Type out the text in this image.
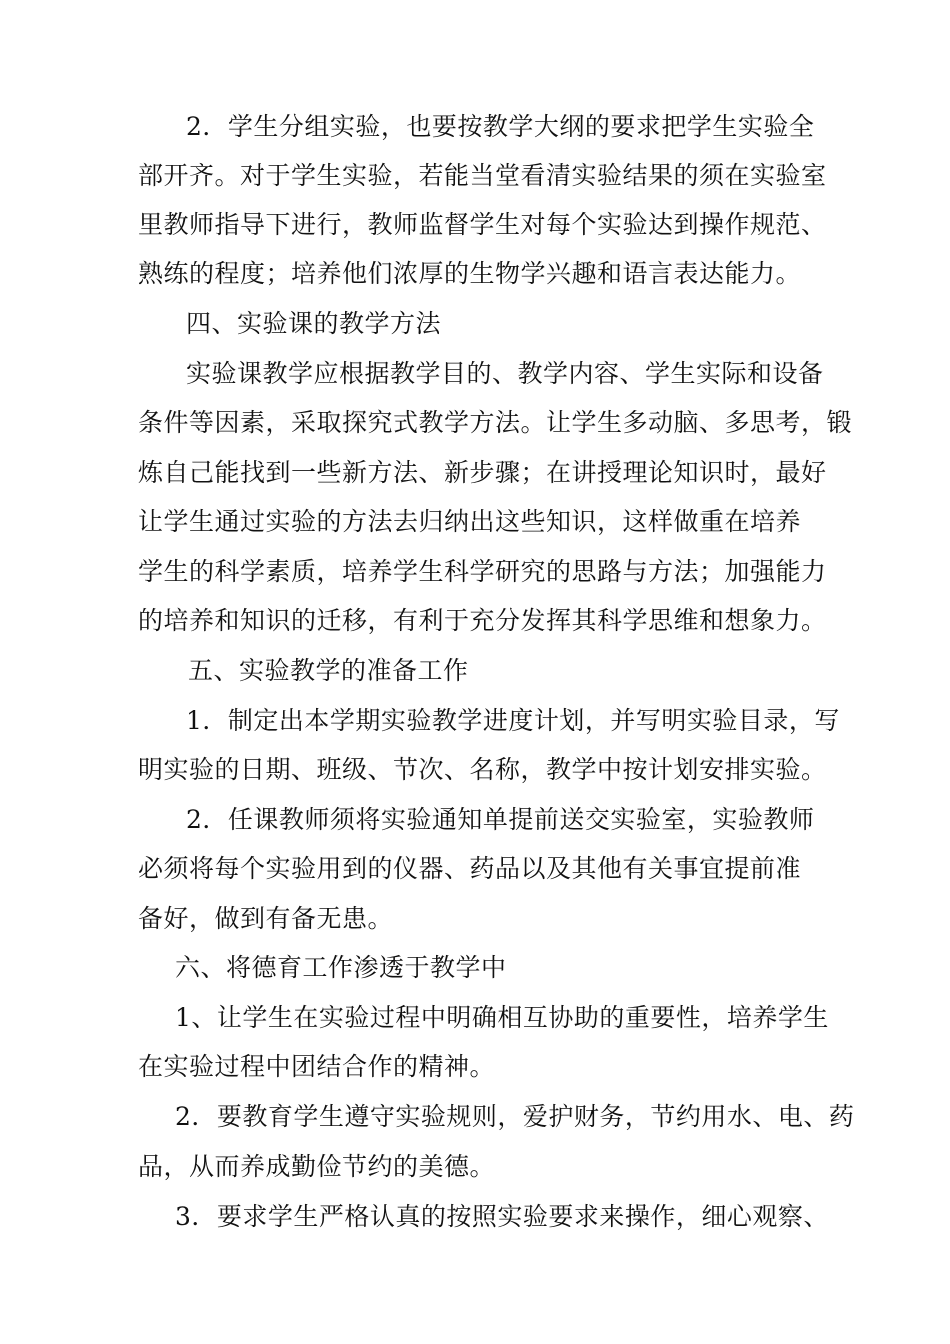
2．学生分组实验，也要按教学大纲的要求把学生实验全
部开齐。对于学生实验，若能当堂看清实验结果的须在实验室
里教师指导下进行，教师监督学生对每个实验达到操作规范、
熟练的程度；培养他们浓厚的生物学兴趣和语言表达能力。
四、实验课的教学方法
实验课教学应根据教学目的、教学内容、学生实际和设备
条件等因素，采取探究式教学方法。让学生多动脑、多思考，锻
炼自己能找到一些新方法、新步骤；在讲授理论知识时，最好
让学生通过实验的方法去归纳出这些知识，这样做重在培养
学生的科学素质，培养学生科学研究的思路与方法；加强能力
的培养和知识的迁移，有利于充分发挥其科学思维和想象力。
五、实验教学的准备工作
1．制定出本学期实验教学进度计划，并写明实验目录，写
明实验的日期、班级、节次、名称，教学中按计划安排实验。
2．任课教师须将实验通知单提前送交实验室，实验教师
必须将每个实验用到的仪器、药品以及其他有关事宜提前准
备好，做到有备无患。
六、将德育工作渗透于教学中
1、让学生在实验过程中明确相互协助的重要性，培养学生
在实验过程中团结合作的精神。
2．要教育学生遵守实验规则，爱护财务，节约用水、电、药
品，从而养成勤俭节约的美德。
3．要求学生严格认真的按照实验要求来操作，细心观察、
